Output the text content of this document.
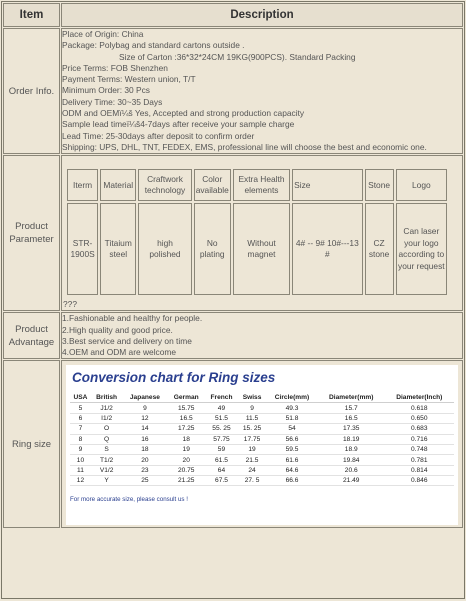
Item	Description
Order Info.	
Place of Origin: China
Package: Polybag and standard cartons outside .
Size of Carton :36*32*24CM 19KG(900PCS). Standard Packing
Price Terms: FOB Shenzhen
Payment Terms: Western union, T/T
Minimum Order: 30 Pcs
Delivery Time: 30~35 Days
ODM and OEMï¼š Yes, Accepted and strong production capacity
Sample lead timeï¼š4-7days after receive your sample charge
Lead Time: 25-30days after deposit to confirm order
Shipping: UPS, DHL, TNT, FEDEX, EMS, professional line will choose the best and economic one.

Product
Parameter

Iterm	Material	Craftwork technology	Color available	Extra Health elements	Size	Stone	Logo
STR-1900S	Titaium steel	high polished	No plating	Without magnet	4# -- 9# 10#---13 #	CZ stone	Can laser your logo according to your request
???

Product
Advantage

1.Fashionable and healthy for people.
2.High quality and good price.
3.Best service and delivery on time
4.OEM and ODM are welcome

Ring size	
Conversion chart for Ring sizes
USA	British	Japanese	German	French	Swiss	Circle(mm)	Diameter(mm)	Diameter(Inch)
5	J1/2	9	15.75	49	9	49.3	15.7	0.618
6	I1/2	12	16.5	51.5	11.5	51.8	16.5	0.650
7	O	14	17.25	55. 25	15. 25	54	17.35	0.683
8	Q	16	18	57.75	17.75	56.6	18.19	0.716
9	S	18	19	59	19	59.5	18.9	0.748
10	T1/2	20	20	61.5	21.5	61.6	19.84	0.781
11	V1/2	23	20.75	64	24	64.6	20.6	0.814
12	Y	25	21.25	67.5	27. 5	66.6	21.49	0.846
For more accurate size, please consult us !
